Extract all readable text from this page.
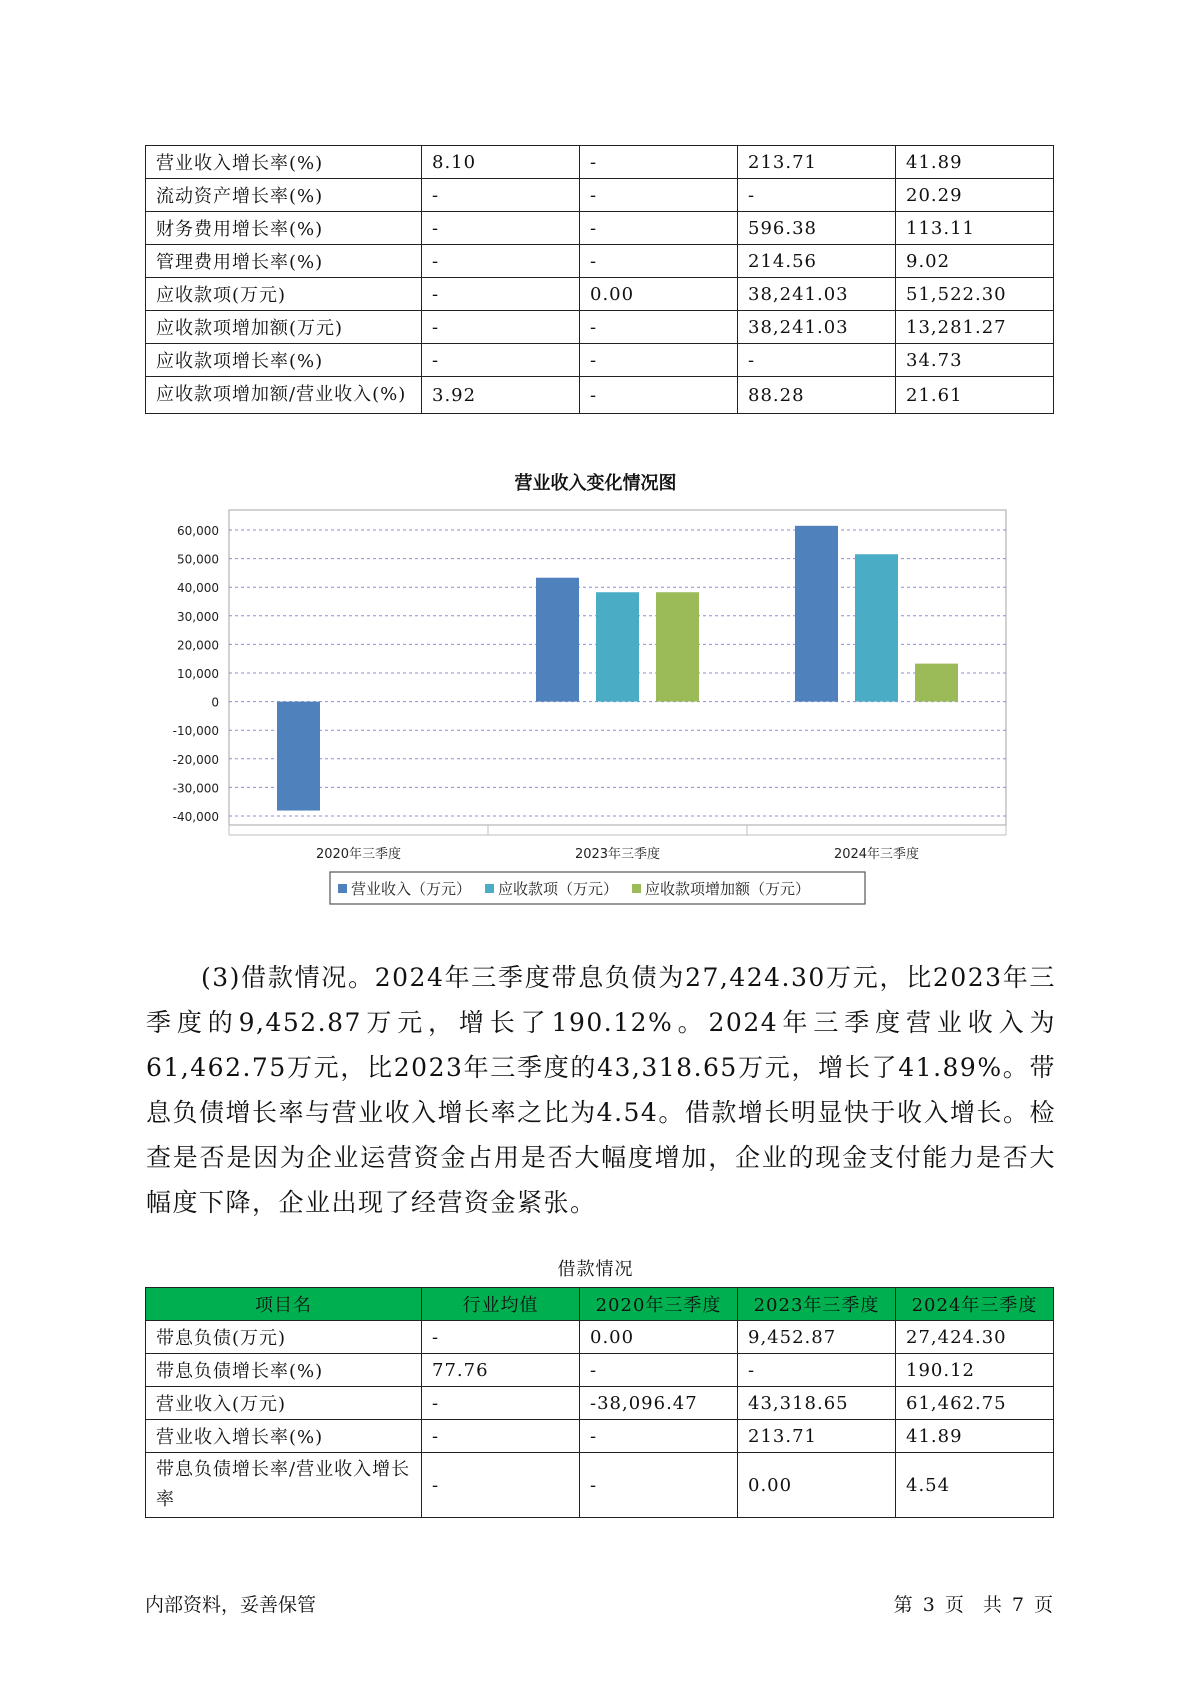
营业收入增长率(%)	8.10	-	213.71	41.89
流动资产增长率(%)	-	-	-	20.29
财务费用增长率(%)	-	-	596.38	113.11
管理费用增长率(%)	-	-	214.56	9.02
应收款项(万元)	-	0.00	38,241.03	51,522.30
应收款项增加额(万元)	-	-	38,241.03	13,281.27
应收款项增长率(%)	-	-	-	34.73
应收款项增加额/营业收入(%)	3.92	-	88.28	21.61
营业收入变化情况图
60,000
50,000
40,000
30,000
20,000
10,000
0
-10,000
-20,000
-30,000
-40,000
2020年三季度	2023年三季度	2024年三季度
营业收入（万元） 应收款项（万元） 应收款项增加额（万元）

(3)借款情况。2024年三季度带息负债为27,424.30万元，比2023年三季度的9,452.87万元，增长了190.12%。2024年三季度营业收入为61,462.75万元，比2023年三季度的43,318.65万元，增长了41.89%。带息负债增长率与营业收入增长率之比为4.54。借款增长明显快于收入增长。检查是否是因为企业运营资金占用是否大幅度增加，企业的现金支付能力是否大幅度下降，企业出现了经营资金紧张。

借款情况

项目名	行业均值	2020年三季度	2023年三季度	2024年三季度
带息负债(万元)	-	0.00	9,452.87	27,424.30
带息负债增长率(%)	77.76	-	-	190.12
营业收入(万元)	-	-38,096.47	43,318.65	61,462.75
营业收入增长率(%)	-	-	213.71	41.89
带息负债增长率/营业收入增长率	-	-	0.00	4.54

内部资料，妥善保管	第 3 页　共 7 页
